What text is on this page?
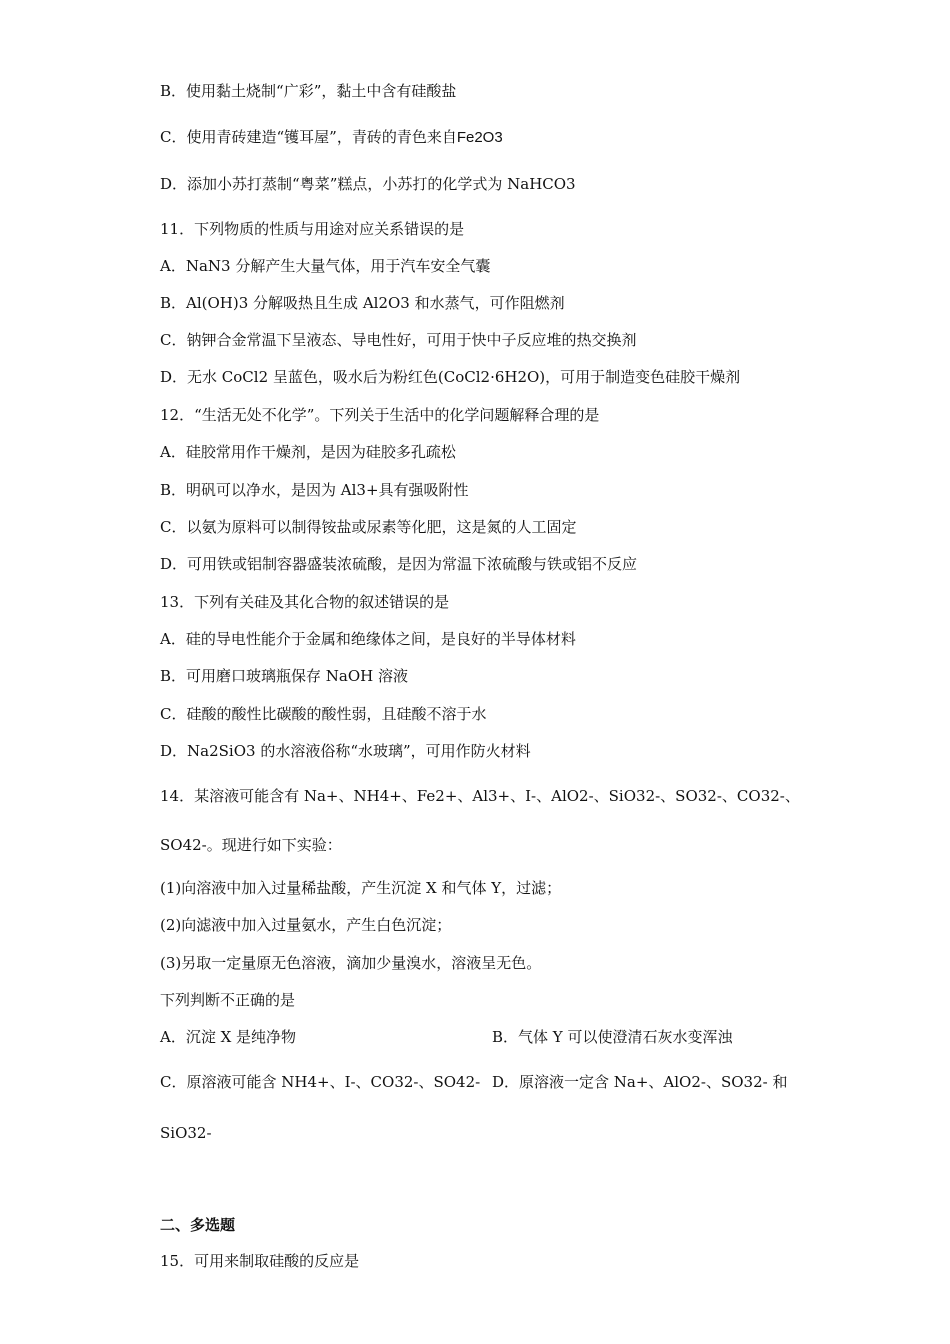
B．使用黏土烧制“广彩”，黏土中含有硅酸盐
C．使用青砖建造“镬耳屋”，青砖的青色来自Fe2O3
D．添加小苏打蒸制“粤菜”糕点，小苏打的化学式为 NaHCO3
11．下列物质的性质与用途对应关系错误的是
A．NaN3 分解产生大量气体，用于汽车安全气囊
B．Al(OH)3 分解吸热且生成 Al2O3 和水蒸气，可作阻燃剂
C．钠钾合金常温下呈液态、导电性好，可用于快中子反应堆的热交换剂
D．无水 CoCl2 呈蓝色，吸水后为粉红色(CoCl2·6H2O)，可用于制造变色硅胶干燥剂
12．“生活无处不化学”。下列关于生活中的化学问题解释合理的是
A．硅胶常用作干燥剂，是因为硅胶多孔疏松
B．明矾可以净水，是因为 Al3+具有强吸附性
C．以氨为原料可以制得铵盐或尿素等化肥，这是氮的人工固定
D．可用铁或铝制容器盛装浓硫酸，是因为常温下浓硫酸与铁或铝不反应
13．下列有关硅及其化合物的叙述错误的是
A．硅的导电性能介于金属和绝缘体之间，是良好的半导体材料
B．可用磨口玻璃瓶保存 NaOH 溶液
C．硅酸的酸性比碳酸的酸性弱，且硅酸不溶于水
D．Na2SiO3 的水溶液俗称“水玻璃”，可用作防火材料
14．某溶液可能含有 Na+、NH4+、Fe2+、Al3+、I-、AlO2-、SiO32-、SO32-、CO32-、
SO42-。现进行如下实验：
(1)向溶液中加入过量稀盐酸，产生沉淀 X 和气体 Y，过滤；
(2)向滤液中加入过量氨水，产生白色沉淀；
(3)另取一定量原无色溶液，滴加少量溴水，溶液呈无色。
下列判断不正确的是
A．沉淀 X 是纯净物	B．气体 Y 可以使澄清石灰水变浑浊
C．原溶液可能含 NH4+、I-、CO32-、SO42- D．原溶液一定含 Na+、AlO2-、SO32- 和
SiO32-
二、多选题
15．可用来制取硅酸的反应是
